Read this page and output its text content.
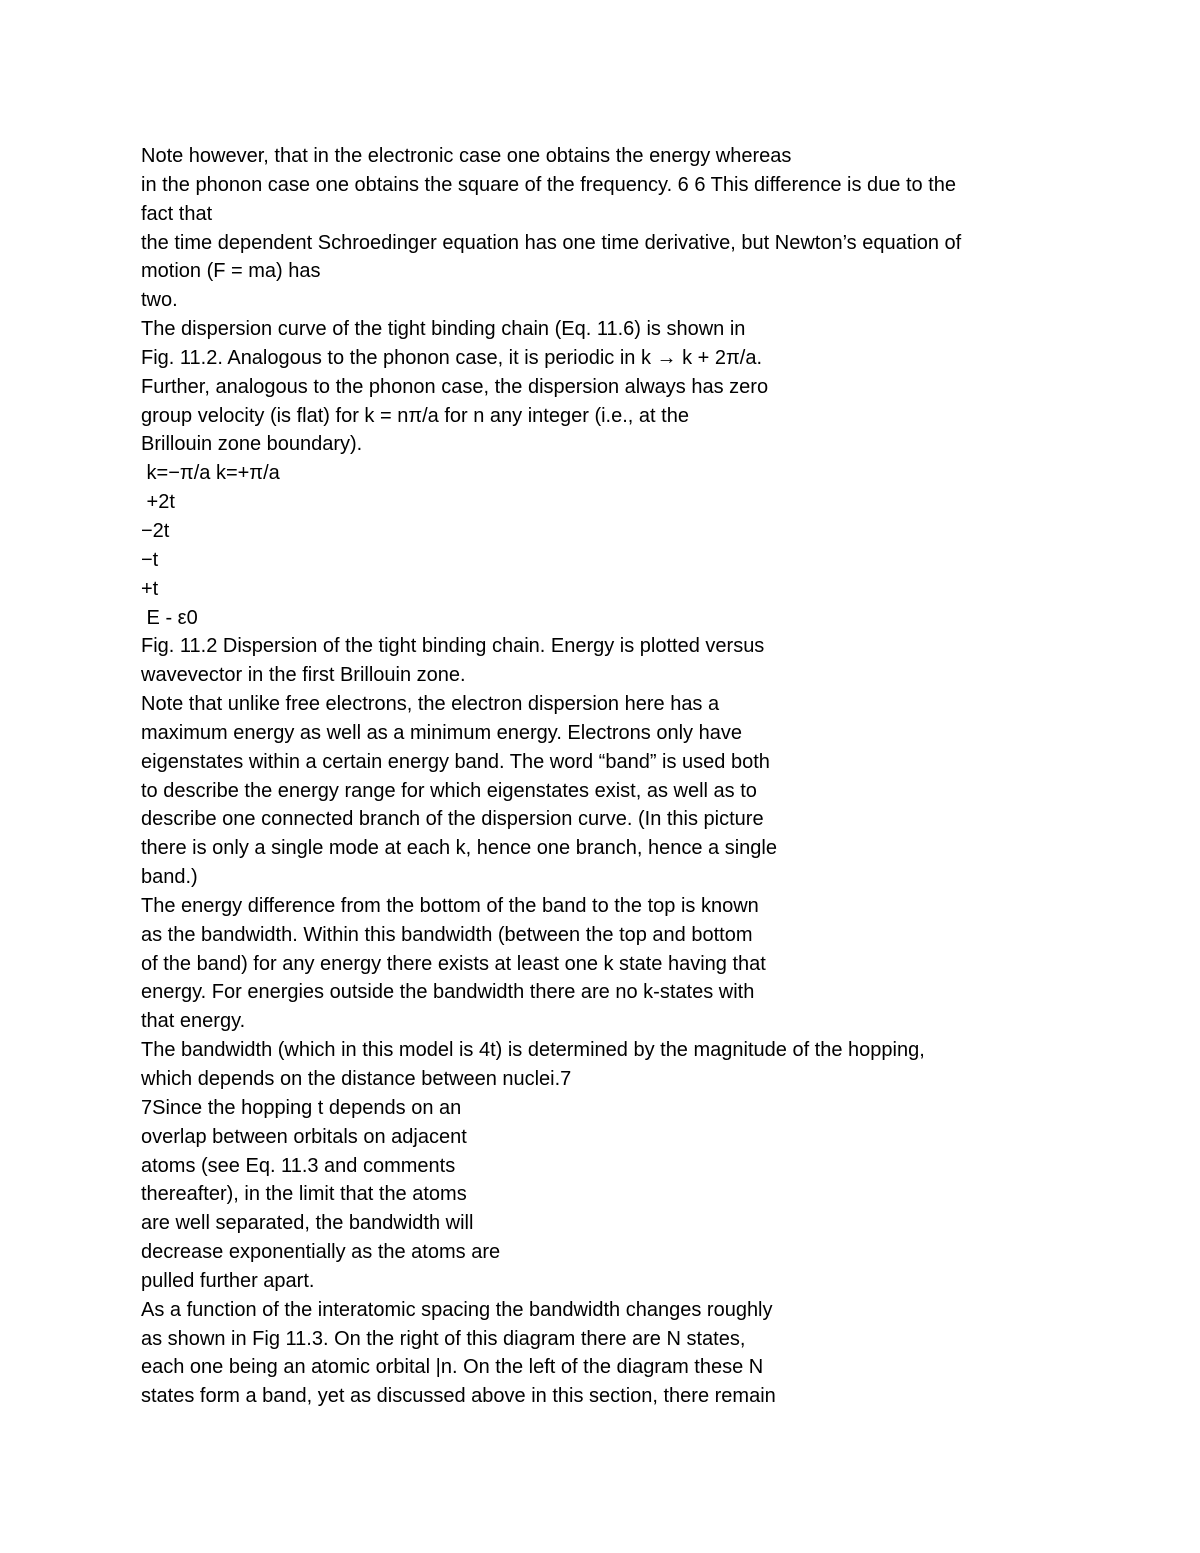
Note however, that in the electronic case one obtains the energy whereas
in the phonon case one obtains the square of the frequency. 6 6 This difference is due to the
fact that
the time dependent Schroedinger equation has one time derivative, but Newton’s equation of
motion (F = ma) has
two.
The dispersion curve of the tight binding chain (Eq. 11.6) is shown in
Fig. 11.2. Analogous to the phonon case, it is periodic in k → k + 2π/a.
Further, analogous to the phonon case, the dispersion always has zero
group velocity (is flat) for k = nπ/a for n any integer (i.e., at the
Brillouin zone boundary).
k=−π/a k=+π/a
+2t
−2t
−t
+t
E - ε0
Fig. 11.2 Dispersion of the tight binding chain. Energy is plotted versus
wavevector in the first Brillouin zone.
Note that unlike free electrons, the electron dispersion here has a
maximum energy as well as a minimum energy. Electrons only have
eigenstates within a certain energy band. The word “band” is used both
to describe the energy range for which eigenstates exist, as well as to
describe one connected branch of the dispersion curve. (In this picture
there is only a single mode at each k, hence one branch, hence a single
band.)
The energy difference from the bottom of the band to the top is known
as the bandwidth. Within this bandwidth (between the top and bottom
of the band) for any energy there exists at least one k state having that
energy. For energies outside the bandwidth there are no k-states with
that energy.
The bandwidth (which in this model is 4t) is determined by the magnitude of the hopping,
which depends on the distance between nuclei.7
7Since the hopping t depends on an
overlap between orbitals on adjacent
atoms (see Eq. 11.3 and comments
thereafter), in the limit that the atoms
are well separated, the bandwidth will
decrease exponentially as the atoms are
pulled further apart.
As a function of the interatomic spacing the bandwidth changes roughly
as shown in Fig 11.3. On the right of this diagram there are N states,
each one being an atomic orbital |n. On the left of the diagram these N
states form a band, yet as discussed above in this section, there remain
